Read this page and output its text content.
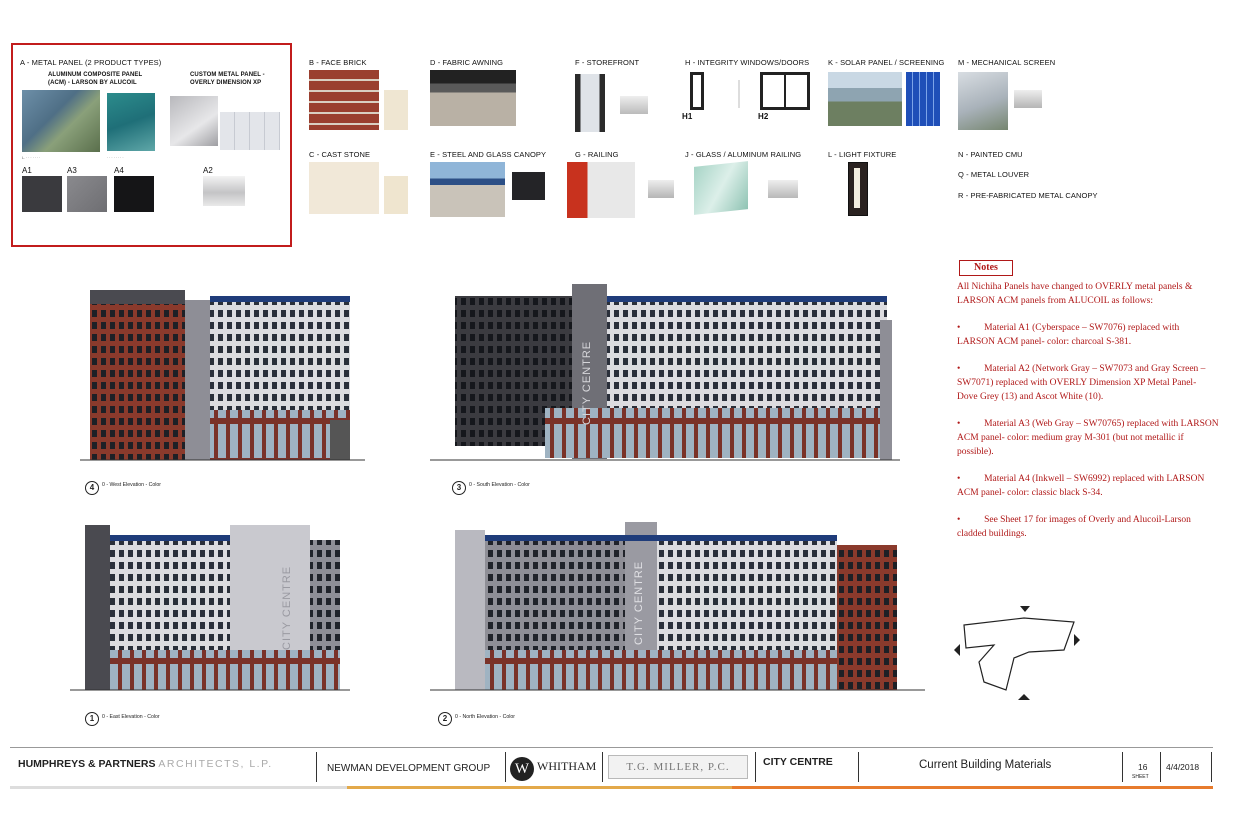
A - METAL PANEL (2 PRODUCT TYPES)
ALUMINUM COMPOSITE PANEL
(ACM) - LARSON BY ALUCOIL
CUSTOM METAL PANEL -
OVERLY DIMENSION XP
L. · · · · · · ·	· · · · · · · ·
A1	A3	A4	A2
B - FACE BRICK
C - CAST STONE
D - FABRIC AWNING
E - STEEL AND GLASS CANOPY
F - STOREFRONT
G - RAILING
H - INTEGRITY WINDOWS/DOORS
H1	H2
J - GLASS / ALUMINUM RAILING
K - SOLAR PANEL / SCREENING
L - LIGHT FIXTURE
M - MECHANICAL SCREEN
N - PAINTED CMU
Q - METAL LOUVER
R - PRE-FABRICATED METAL CANOPY
Notes

All Nichiha Panels have changed to OVERLY metal panels & LARSON ACM panels from ALUCOIL as follows:

•	Material A1 (Cyberspace – SW7076) replaced with LARSON ACM panel- color: charcoal S-381.

•	Material A2 (Network Gray – SW7073 and Gray Screen – SW7071) replaced with OVERLY Dimension XP Metal Panel- Dove Grey (13) and Ascot White (10).

•	Material A3 (Web Gray – SW70765) replaced with LARSON ACM panel- color: medium gray M-301 (but not metallic if possible).

•	Material A4 (Inkwell – SW6992) replaced with LARSON ACM panel- color: classic black S-34.

•	See Sheet 17 for images of Overly and Alucoil-Larson cladded buildings.

CITY CENTRE
CITY CENTRE	CITY CENTRE
4	0 - West Elevation - Color	3	0 - South Elevation - Color
1	0 - East Elevation - Color	2	0 - North Elevation - Color
HUMPHREYS & PARTNERS ARCHITECTS, L.P.	NEWMAN DEVELOPMENT GROUP	W WHITHAM	T.G. MILLER, P.C.	CITY CENTRE	Current Building Materials	16
SHEET
4/4/2018
